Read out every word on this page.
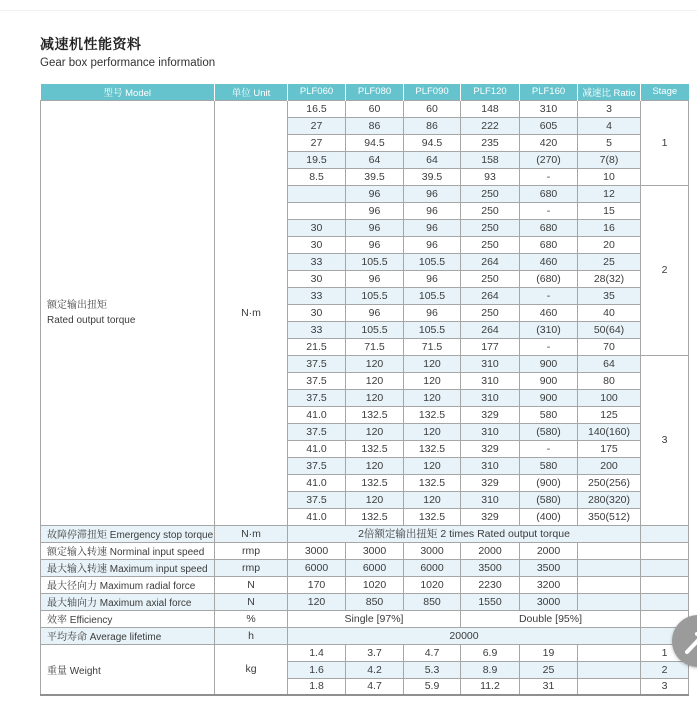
减速机性能资料
Gear box performance information
型号 Model	单位 Unit	PLF060	PLF080	PLF090	PLF120	PLF160	减速比 Ratio	Stage

额定输出扭矩
Rated output torque	N·m	16.5	60	60	148	310	3	1
		27	86	86	222	605	4	
		27	94.5	94.5	235	420	5	
		19.5	64	64	158	(270)	7(8)	
		8.5	39.5	39.5	93	-	10	
			96	96	250	680	12	2
			96	96	250	-	15	
		30	96	96	250	680	16	
		30	96	96	250	680	20	
		33	105.5	105.5	264	460	25	
		30	96	96	250	(680)	28(32)	
		33	105.5	105.5	264	-	35	
		30	96	96	250	460	40	
		33	105.5	105.5	264	(310)	50(64)	
		21.5	71.5	71.5	177	-	70	
		37.5	120	120	310	900	64	3
		37.5	120	120	310	900	80	
		37.5	120	120	310	900	100	
		41.0	132.5	132.5	329	580	125	
		37.5	120	120	310	(580)	140(160)	
		41.0	132.5	132.5	329	-	175	
		37.5	120	120	310	580	200	
		41.0	132.5	132.5	329	(900)	250(256)	
		37.5	120	120	310	(580)	280(320)	
		41.0	132.5	132.5	329	(400)	350(512)	
故障停滞扭矩 Emergency stop torque	N·m	2倍额定输出扭矩 2 times Rated output torque						
额定输入转速 Norminal input speed	rmp	3000	3000	3000	2000	2000		
最大输入转速 Maximum input speed	rmp	6000	6000	6000	3500	3500		
最大径向力 Maximum radial force	N	170	1020	1020	2230	3200		
最大轴向力 Maximum axial force	N	120	850	850	1550	3000		
效率 Efficiency	%	Single [97%]			Double [95%]			
平均寿命 Average lifetime	h	20000						
重量 Weight	kg	1.4	3.7	4.7	6.9	19		1
		1.6	4.2	5.3	8.9	25		2
		1.8	4.7	5.9	11.2	31		3
